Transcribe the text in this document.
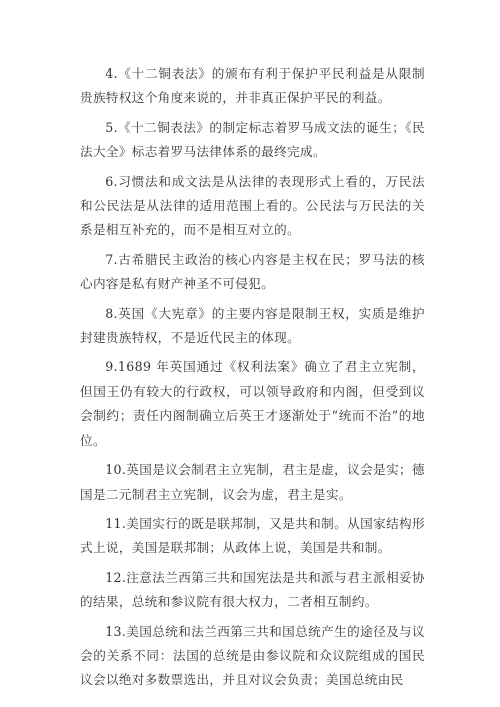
4.《十二铜表法》的颁布有利于保护平民利益是从限制贵族特权这个角度来说的，并非真正保护平民的利益。

5.《十二铜表法》的制定标志着罗马成文法的诞生；《民法大全》标志着罗马法律体系的最终完成。

6.习惯法和成文法是从法律的表现形式上看的，万民法和公民法是从法律的适用范围上看的。公民法与万民法的关系是相互补充的，而不是相互对立的。

7.古希腊民主政治的核心内容是主权在民；罗马法的核心内容是私有财产神圣不可侵犯。

8.英国《大宪章》的主要内容是限制王权，实质是维护封建贵族特权，不是近代民主的体现。

9.1689 年英国通过《权利法案》确立了君主立宪制，但国王仍有较大的行政权，可以领导政府和内阁，但受到议会制约；责任内阁制确立后英王才逐渐处于“统而不治”的地位。

10.英国是议会制君主立宪制，君主是虚，议会是实；德国是二元制君主立宪制，议会为虚，君主是实。

11.美国实行的既是联邦制，又是共和制。从国家结构形式上说，美国是联邦制；从政体上说，美国是共和制。

12.注意法兰西第三共和国宪法是共和派与君主派相妥协的结果，总统和参议院有很大权力，二者相互制约。

13.美国总统和法兰西第三共和国总统产生的途径及与议会的关系不同：法国的总统是由参议院和众议院组成的国民议会以绝对多数票选出，并且对议会负责；美国总统由民
